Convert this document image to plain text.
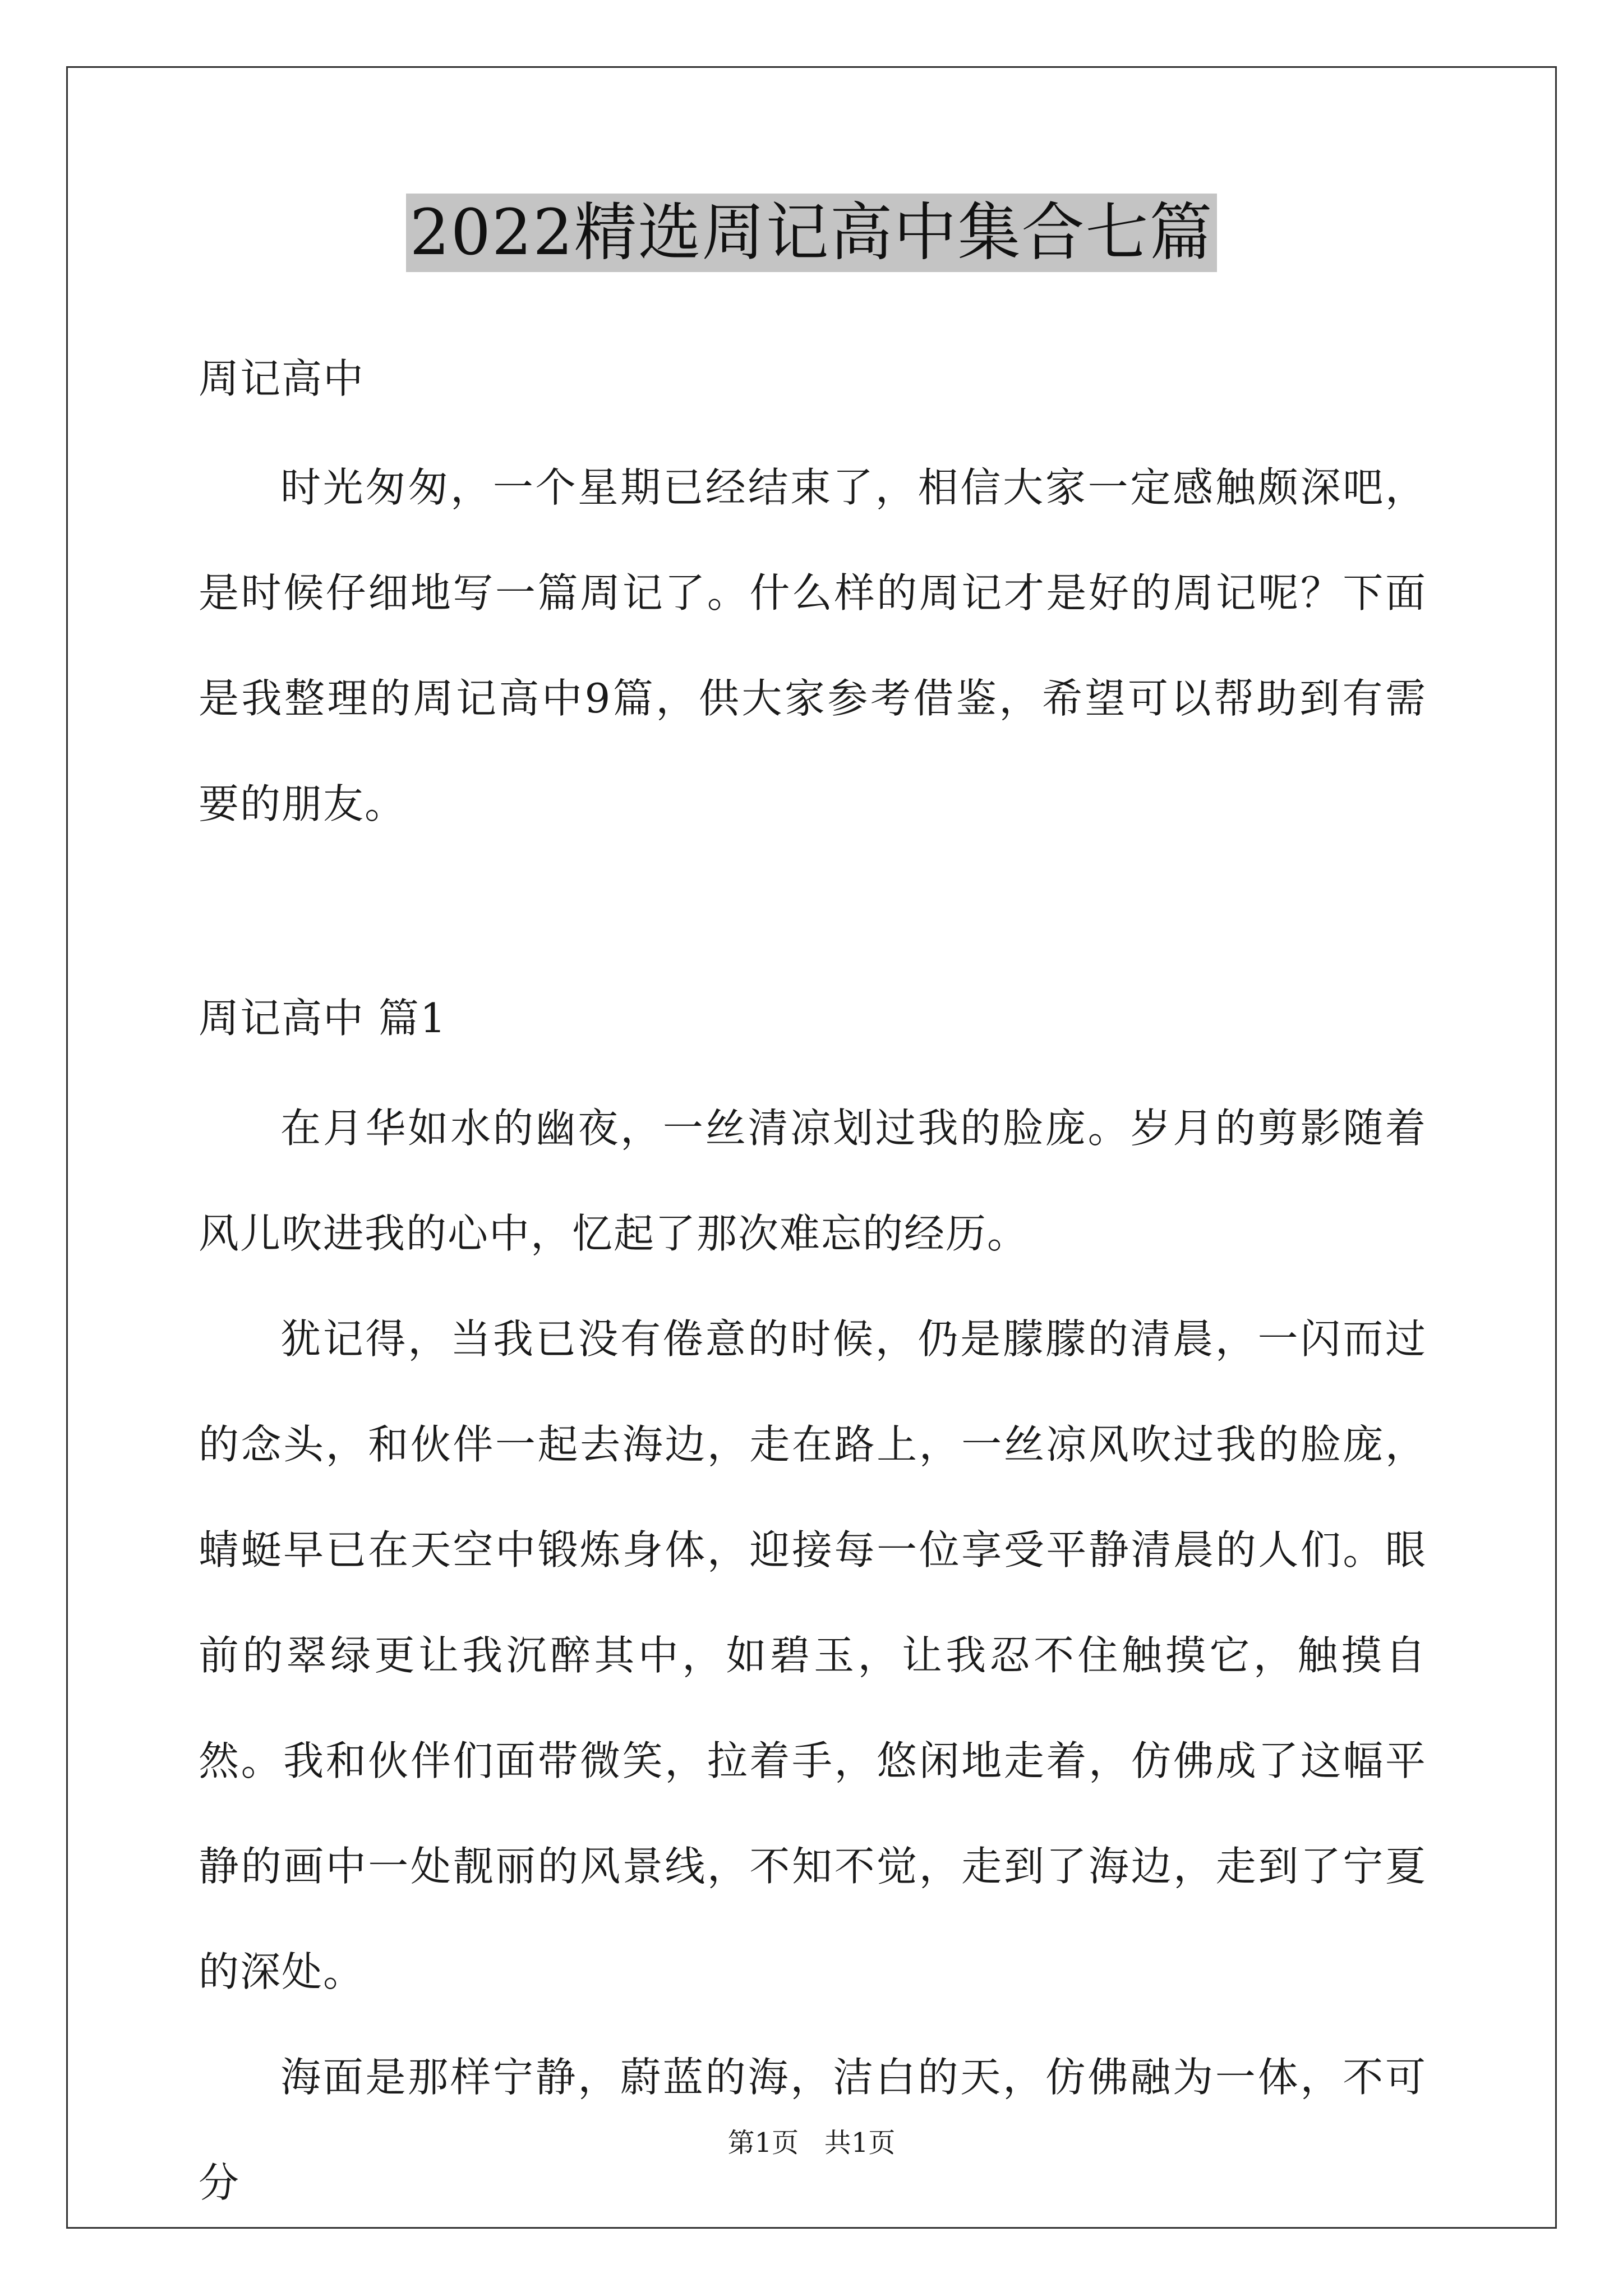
2022精选周记高中集合七篇
周记高中

时光匆匆，一个星期已经结束了，相信大家一定感触颇深吧，是时候仔细地写一篇周记了。什么样的周记才是好的周记呢？下面是我整理的周记高中9篇，供大家参考借鉴，希望可以帮助到有需要的朋友。

周记高中 篇1

在月华如水的幽夜，一丝清凉划过我的脸庞。岁月的剪影随着风儿吹进我的心中，忆起了那次难忘的经历。

犹记得，当我已没有倦意的时候，仍是朦朦的清晨，一闪而过的念头，和伙伴一起去海边，走在路上，一丝凉风吹过我的脸庞，蜻蜓早已在天空中锻炼身体，迎接每一位享受平静清晨的人们。眼前的翠绿更让我沉醉其中，如碧玉，让我忍不住触摸它，触摸自然。我和伙伴们面带微笑，拉着手，悠闲地走着，仿佛成了这幅平静的画中一处靓丽的风景线，不知不觉，走到了海边，走到了宁夏的深处。

海面是那样宁静，蔚蓝的海，洁白的天，仿佛融为一体，不可分

第1页   共1页
